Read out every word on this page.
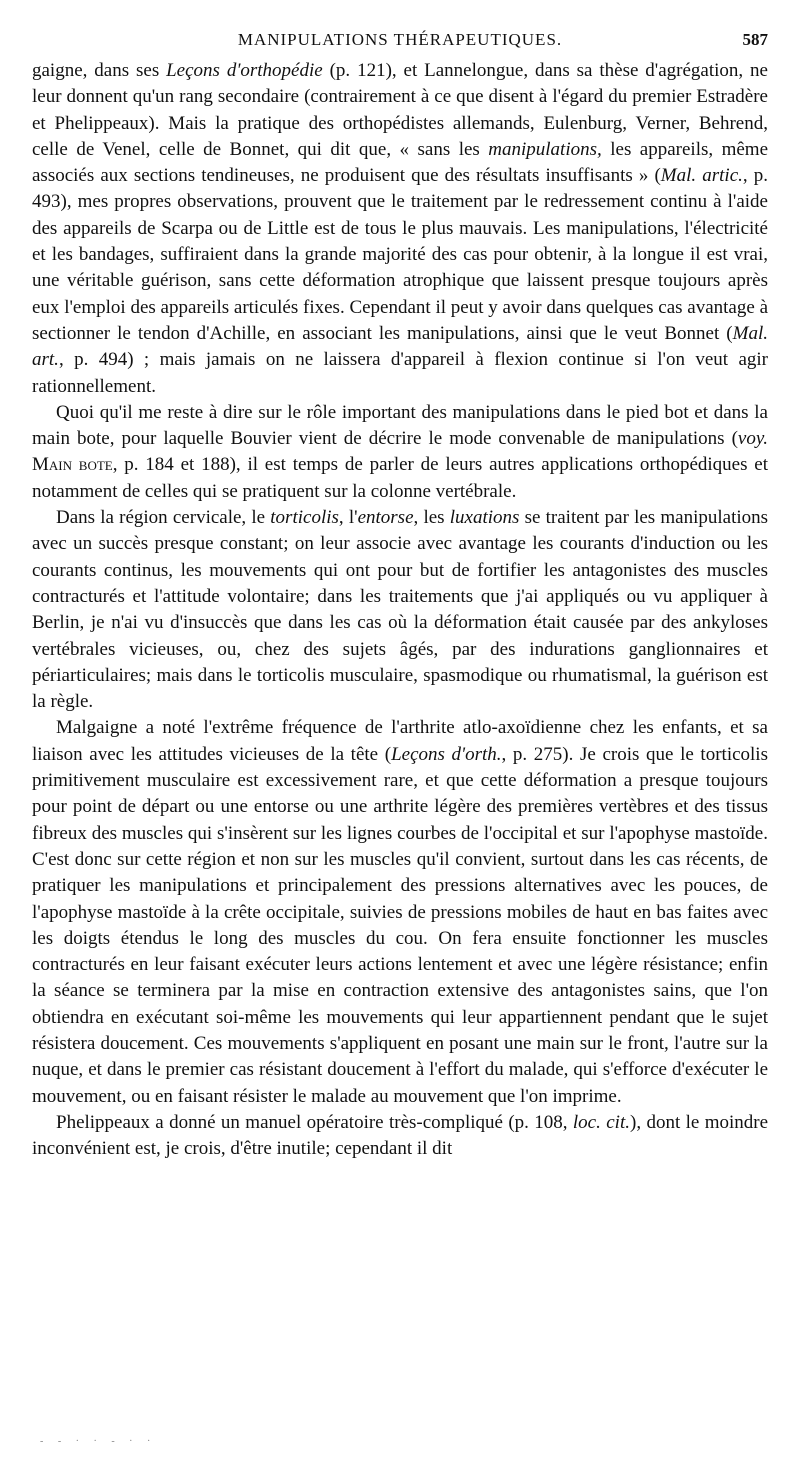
MANIPULATIONS THÉRAPEUTIQUES.	587

gaigne, dans ses Leçons d'orthopédie (p. 121), et Lannelongue, dans sa thèse d'agrégation, ne leur donnent qu'un rang secondaire (contrairement à ce que disent à l'égard du premier Estradère et Phelippeaux). Mais la pratique des orthopédistes allemands, Eulenburg, Verner, Behrend, celle de Venel, celle de Bonnet, qui dit que, « sans les manipulations, les appareils, même associés aux sections tendineuses, ne produisent que des résultats insuffisants » (Mal. artic., p. 493), mes propres observations, prouvent que le traitement par le redressement continu à l'aide des appareils de Scarpa ou de Little est de tous le plus mauvais. Les manipulations, l'électricité et les bandages, suffiraient dans la grande majorité des cas pour obtenir, à la longue il est vrai, une véritable guérison, sans cette déformation atrophique que laissent presque toujours après eux l'emploi des appareils articulés fixes. Cependant il peut y avoir dans quelques cas avantage à sectionner le tendon d'Achille, en associant les manipulations, ainsi que le veut Bonnet (Mal. art., p. 494) ; mais jamais on ne laissera d'appareil à flexion continue si l'on veut agir rationnellement.

Quoi qu'il me reste à dire sur le rôle important des manipulations dans le pied bot et dans la main bote, pour laquelle Bouvier vient de décrire le mode convenable de manipulations (voy. Main bote, p. 184 et 188), il est temps de parler de leurs autres applications orthopédiques et notamment de celles qui se pratiquent sur la colonne vertébrale.

Dans la région cervicale, le torticolis, l'entorse, les luxations se traitent par les manipulations avec un succès presque constant; on leur associe avec avantage les courants d'induction ou les courants continus, les mouvements qui ont pour but de fortifier les antagonistes des muscles contracturés et l'attitude volontaire; dans les traitements que j'ai appliqués ou vu appliquer à Berlin, je n'ai vu d'insuccès que dans les cas où la déformation était causée par des ankyloses vertébrales vicieuses, ou, chez des sujets âgés, par des indurations ganglionnaires et périarticulaires; mais dans le torticolis musculaire, spasmodique ou rhumatismal, la guérison est la règle.

Malgaigne a noté l'extrême fréquence de l'arthrite atlo-axoïdienne chez les enfants, et sa liaison avec les attitudes vicieuses de la tête (Leçons d'orth., p. 275). Je crois que le torticolis primitivement musculaire est excessivement rare, et que cette déformation a presque toujours pour point de départ ou une entorse ou une arthrite légère des premières vertèbres et des tissus fibreux des muscles qui s'insèrent sur les lignes courbes de l'occipital et sur l'apophyse mastoïde. C'est donc sur cette région et non sur les muscles qu'il convient, surtout dans les cas récents, de pratiquer les manipulations et principalement des pressions alternatives avec les pouces, de l'apophyse mastoïde à la crête occipitale, suivies de pressions mobiles de haut en bas faites avec les doigts étendus le long des muscles du cou. On fera ensuite fonctionner les muscles contracturés en leur faisant exécuter leurs actions lentement et avec une légère résistance; enfin la séance se terminera par la mise en contraction extensive des antagonistes sains, que l'on obtiendra en exécutant soi-même les mouvements qui leur appartiennent pendant que le sujet résistera doucement. Ces mouvements s'appliquent en posant une main sur le front, l'autre sur la nuque, et dans le premier cas résistant doucement à l'effort du malade, qui s'efforce d'exécuter le mouvement, ou en faisant résister le malade au mouvement que l'on imprime.

Phelippeaux a donné un manuel opératoire très-compliqué (p. 108, loc. cit.), dont le moindre inconvénient est, je crois, d'être inutile; cependant il dit

- - · · - · ·
